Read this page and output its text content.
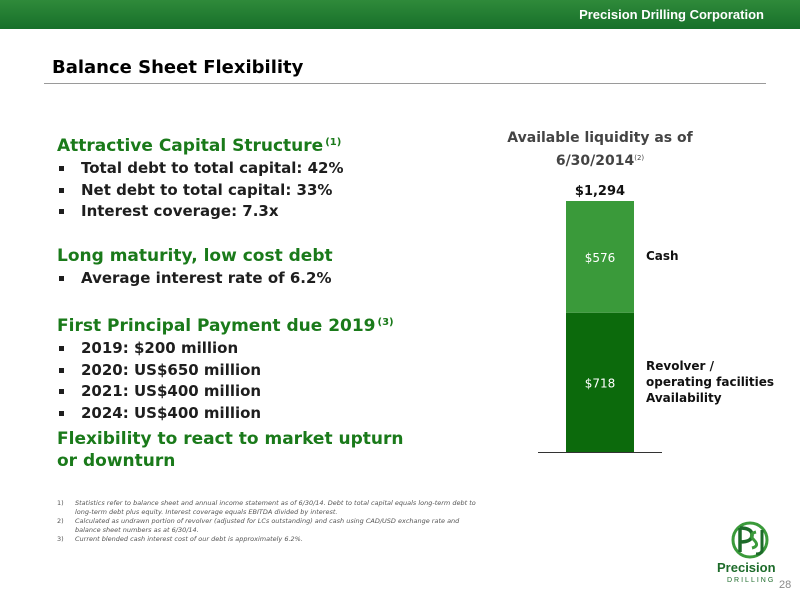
Precision Drilling Corporation
Balance Sheet Flexibility
Attractive Capital Structure $^{(1)}$
Total debt to total capital: 42%
Net debt to total capital: 33%
Interest coverage: 7.3x
Long maturity, low cost debt
Average interest rate of 6.2%
First Principal Payment due 2019 $^{(3)}$
2019: $200 million
2020: US$650 million
2021: US$400 million
2024: US$400 million
Flexibility to react to market upturn
or downturn
1) Statistics refer to balance sheet and annual income statement as of 6/30/14. Debt to total capital equals long-term debt to long-term debt plus equity. Interest coverage equals EBITDA divided by interest.
2) Calculated as undrawn portion of revolver (adjusted for LCs outstanding) and cash using CAD/USD exchange rate and balance sheet numbers as at 6/30/14.
3) Current blended cash interest cost of our debt is approximately 6.2%.
Available liquidity as of
6/30/2014$^{(2)}$
$718
$576
$1,294
Cash
Revolver /
operating facilities
Availability
Precision
DRILLING 28
